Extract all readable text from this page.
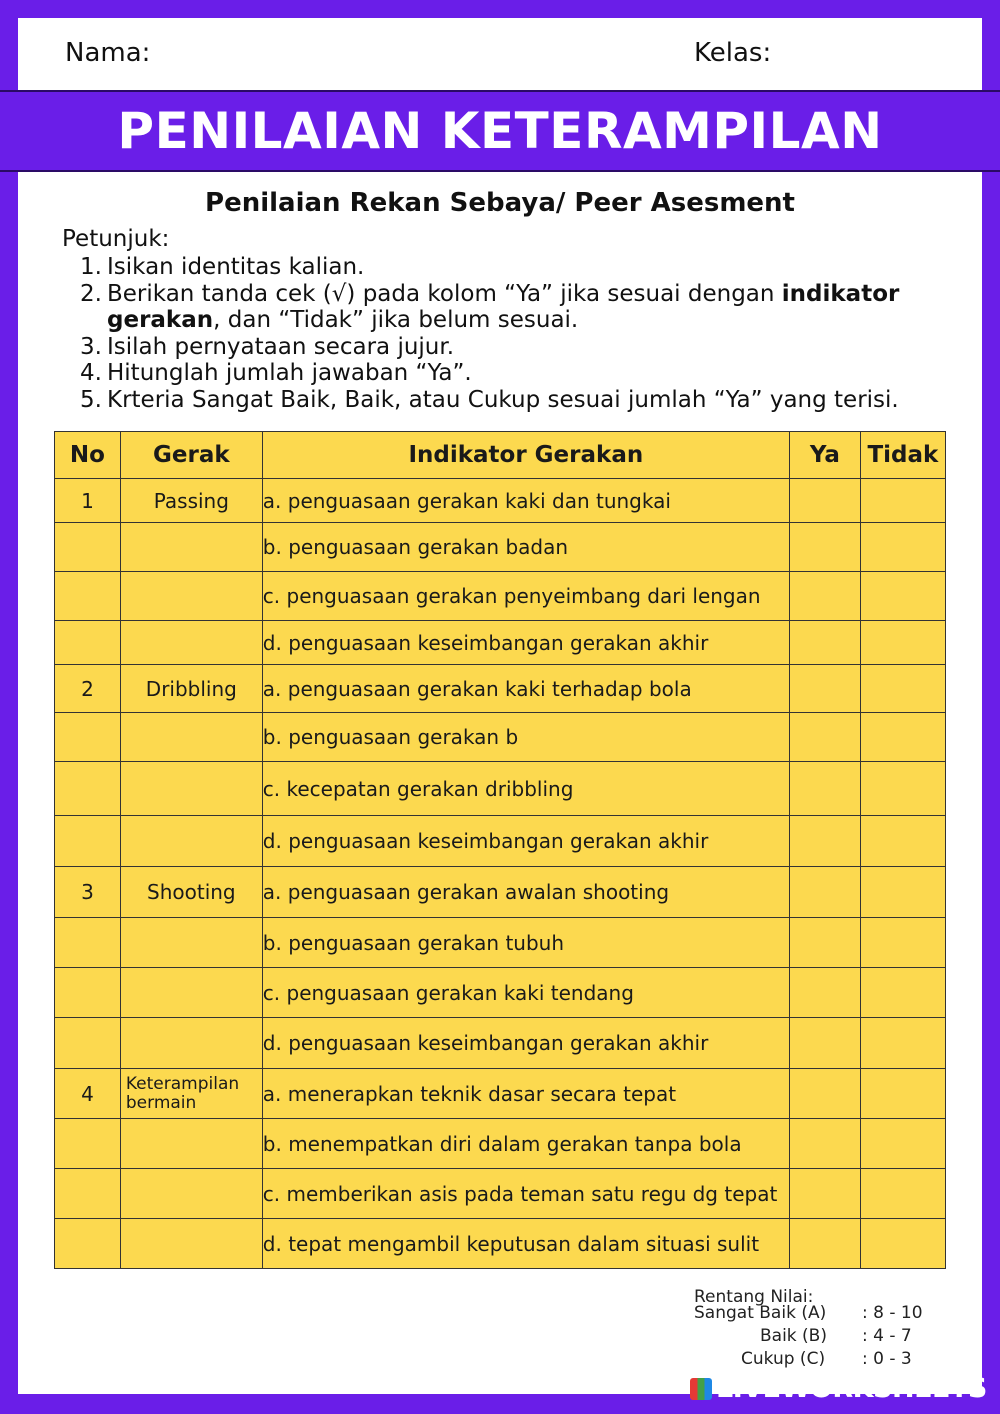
Nama:	Kelas:
PENILAIAN KETERAMPILAN
Penilaian Rekan Sebaya/ Peer Asesment
Petunjuk:
1. Isikan identitas kalian.
2. Berikan tanda cek (√) pada kolom “Ya” jika sesuai dengan indikator gerakan, dan “Tidak” jika belum sesuai.
3. Isilah pernyataan secara jujur.
4. Hitunglah jumlah jawaban “Ya”.
5. Krteria Sangat Baik, Baik, atau Cukup sesuai jumlah “Ya” yang terisi.
No	Gerak	Indikator Gerakan	Ya	Tidak
1	Passing	a. penguasaan gerakan kaki dan tungkai		
		b. penguasaan gerakan badan		
		c. penguasaan gerakan penyeimbang dari lengan		
		d. penguasaan keseimbangan gerakan akhir		
2	Dribbling	a. penguasaan gerakan kaki terhadap bola		
		b. penguasaan gerakan b		
		c. kecepatan gerakan dribbling		
		d. penguasaan keseimbangan gerakan akhir		
3	Shooting	a. penguasaan gerakan awalan shooting		
		b. penguasaan gerakan tubuh		
		c. penguasaan gerakan kaki tendang		
		d. penguasaan keseimbangan gerakan akhir		
4	Keterampilan bermain	a. menerapkan teknik dasar secara tepat		
		b. menempatkan diri dalam gerakan tanpa bola		
		c. memberikan asis pada teman satu regu dg tepat		
		d. tepat mengambil keputusan dalam situasi sulit		
Rentang Nilai:
Sangat Baik (A) : 8 - 10
Baik (B) : 4 - 7
Cukup (C) : 0 - 3
LIVEWORKSHEETS
